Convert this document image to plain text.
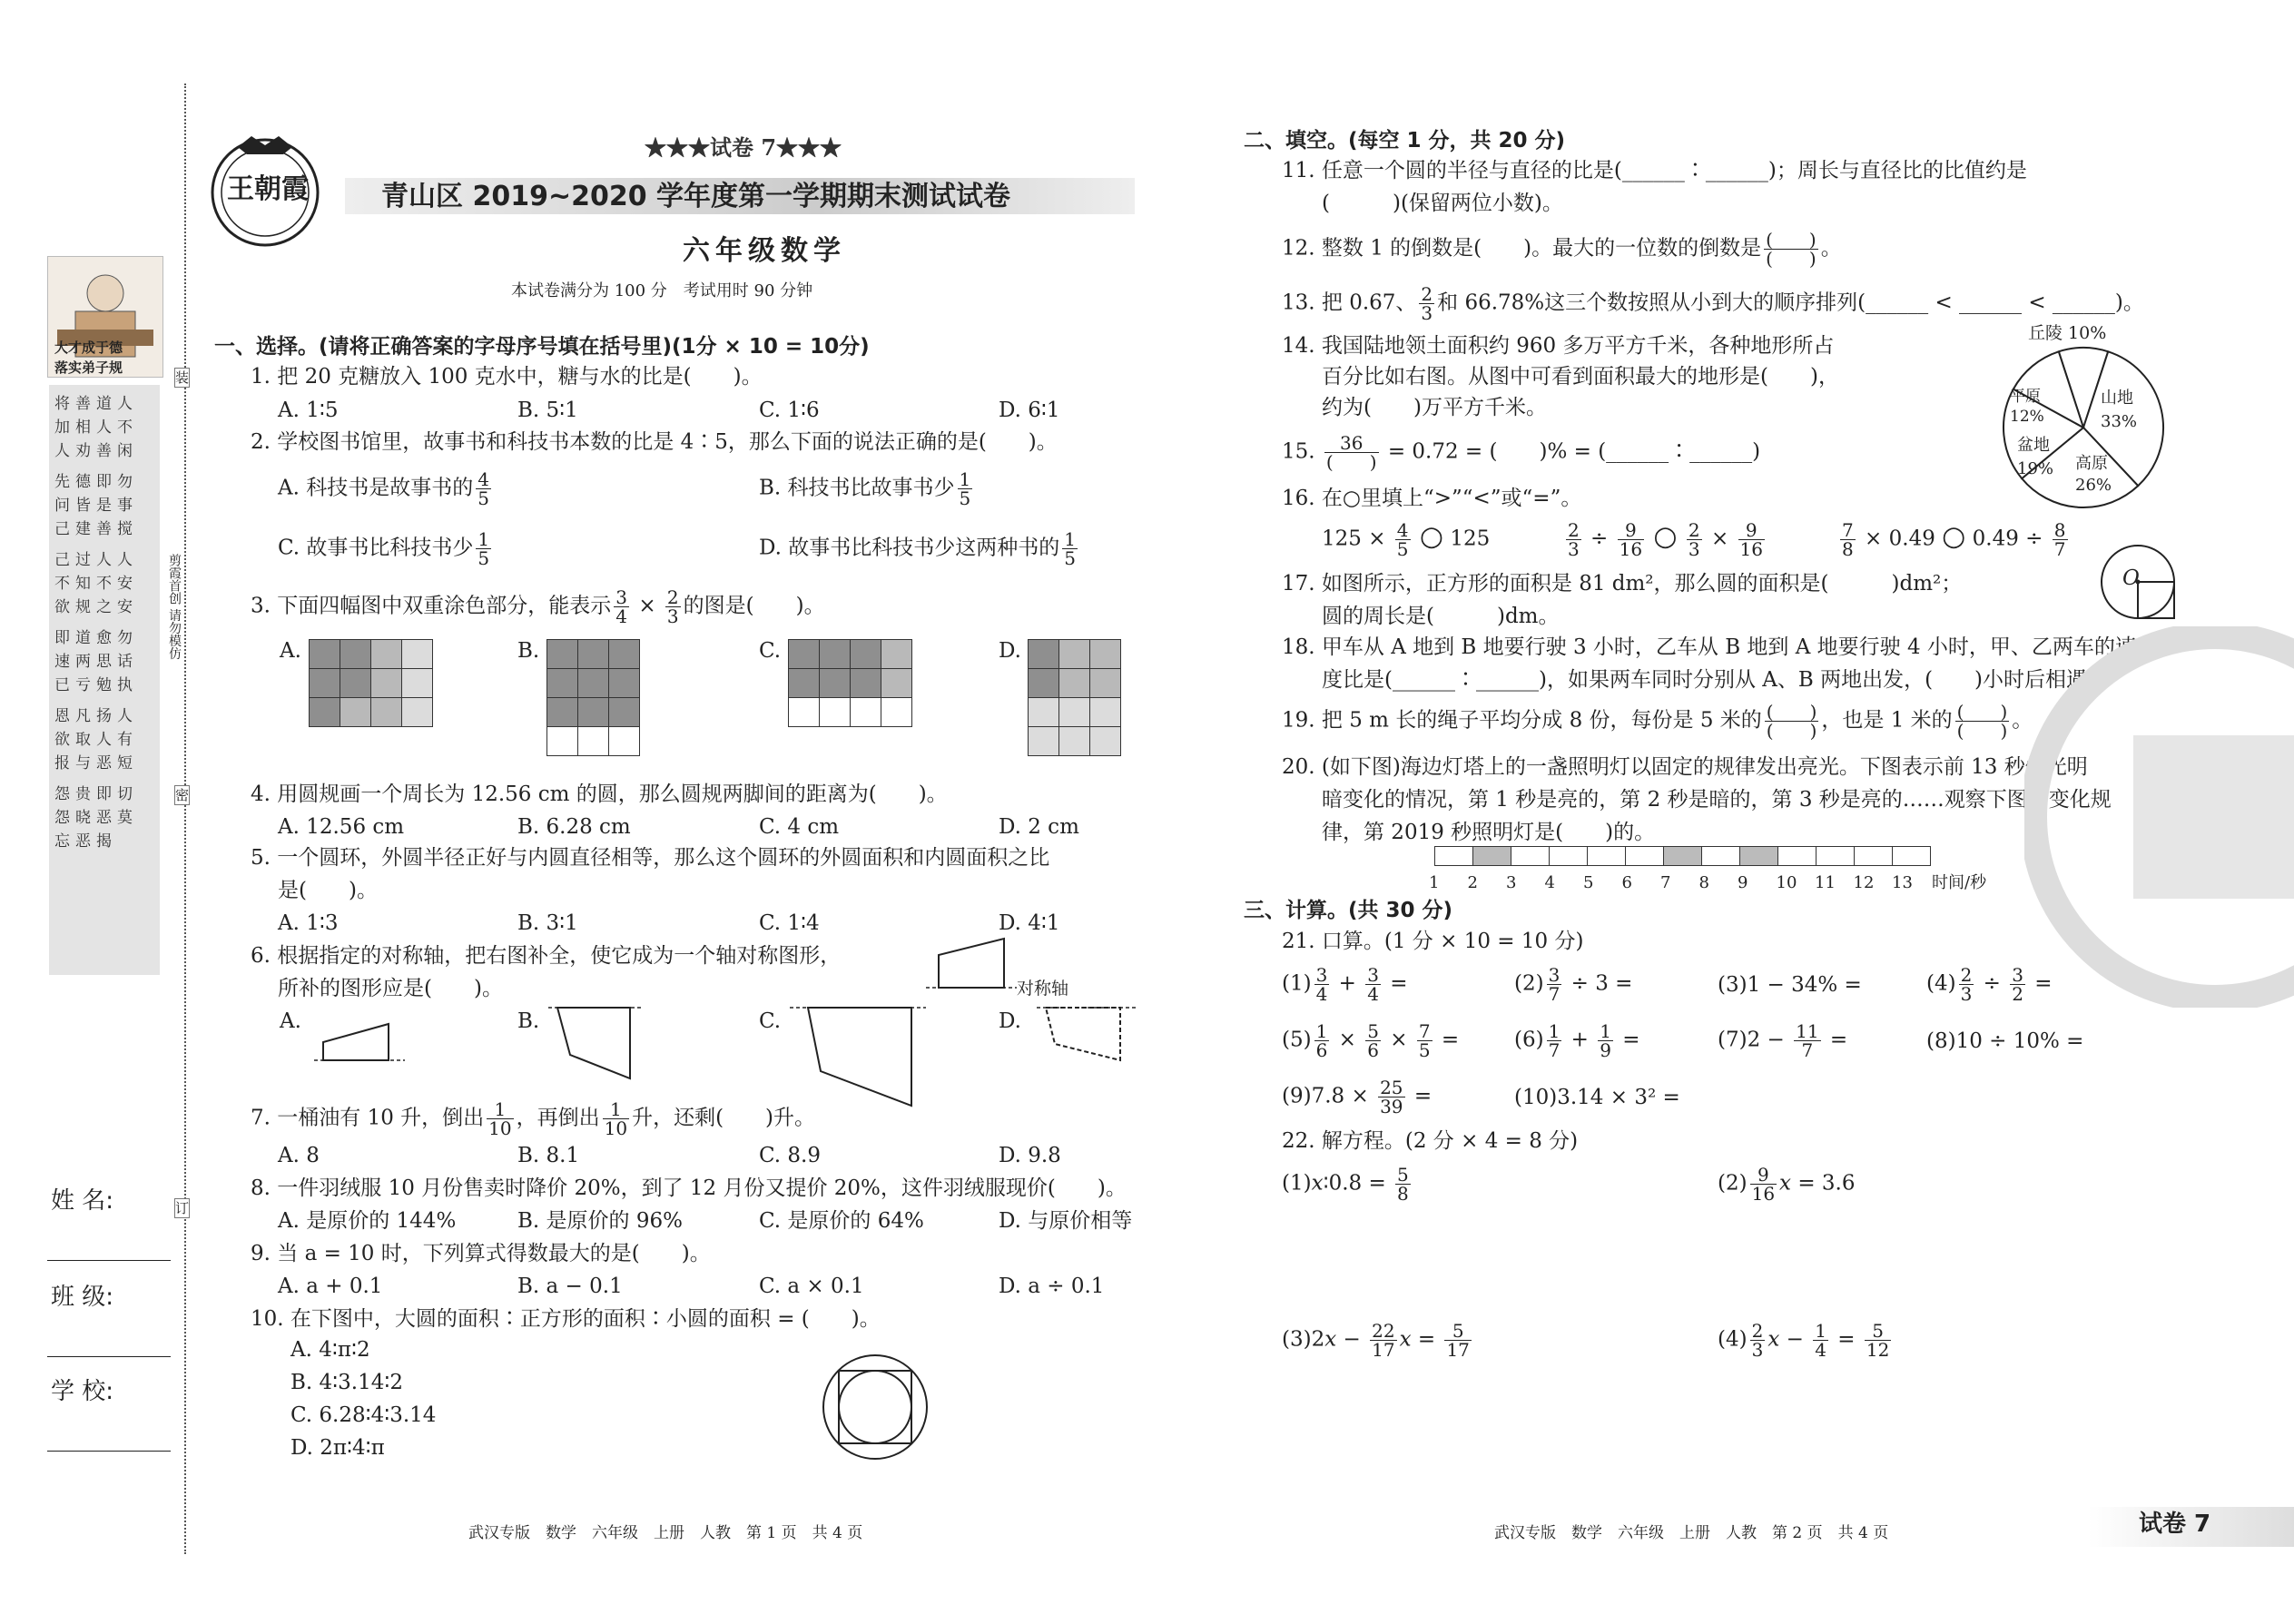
大才成于德
落实弟子规
将善道人
加相人不
人劝善闲
先德即勿
问皆是事
己建善搅
己过人人
不知不安
欲规之安
即道愈勿
速两思话
已亏勉执
恩凡扬人
欲取人有
报与恶短
怨贵即切
怨晓恶莫
忘恶揭
装
剪霞首创 请勿模仿
密
订
姓 名:
班 级:
学 校:
王朝霞
★★★试卷 7★★★
青山区 2019~2020 学年度第一学期期末测试试卷
六年级数学
本试卷满分为 100 分　考试用时 90 分钟
一、选择。(请将正确答案的字母序号填在括号里)(1分 × 10 = 10分)
1. 把 20 克糖放入 100 克水中，糖与水的比是(　　)。
A. 1∶5	B. 5∶1	C. 1∶6	D. 6∶1
2. 学校图书馆里，故事书和科技书本数的比是 4∶5，那么下面的说法正确的是(　　)。
A. 科技书是故事书的 $\frac{4}{5}$	B. 科技书比故事书少 $\frac{1}{5}$
C. 故事书比科技书少 $\frac{1}{5}$	D. 故事书比科技书少这两种书的 $\frac{1}{5}$
3. 下面四幅图中双重涂色部分，能表示 $\frac{3}{4} \times \frac{2}{3}$ 的图是(　　)。
A.	B.	C.	D.
4. 用圆规画一个周长为 12.56 cm 的圆，那么圆规两脚间的距离为(　　)。
A. 12.56 cm	B. 6.28 cm	C. 4 cm	D. 2 cm
5. 一个圆环，外圆半径正好与内圆直径相等，那么这个圆环的外圆面积和内圆面积之比
是(　　)。
A. 1∶3	B. 3∶1	C. 1∶4	D. 4∶1
6. 根据指定的对称轴，把右图补全，使它成为一个轴对称图形，
所补的图形应是(　　)。	对称轴
A.	B.	C.	D.
7. 一桶油有 10 升，倒出 $\frac{1}{10}$ ，再倒出 $\frac{1}{10}$ 升，还剩(　　)升。
A. 8	B. 8.1	C. 8.9	D. 9.8
8. 一件羽绒服 10 月份售卖时降价 20%，到了 12 月份又提价 20%，这件羽绒服现价(　　)。
A. 是原价的 144%	B. 是原价的 96%	C. 是原价的 64%	D. 与原价相等
9. 当 a = 10 时，下列算式得数最大的是(　　)。
A. a + 0.1	B. a − 0.1	C. a × 0.1	D. a ÷ 0.1
10. 在下图中，大圆的面积∶正方形的面积∶小圆的面积 = (　　)。
A. 4∶π∶2
B. 4∶3.14∶2
C. 6.28∶4∶3.14
D. 2π∶4∶π
武汉专版　数学　六年级　上册　人教　第 1 页　共 4 页
二、填空。(每空 1 分，共 20 分)
11. 任意一个圆的半径与直径的比是(______∶______)；周长与直径比的比值约是
(　　　)(保留两位小数)。
12. 整数 1 的倒数是(　　)。最大的一位数的倒数是 $\frac{( )}{( )}$ 。
13. 把 0.67、 $\frac{2}{3}$ 和 66.78%这三个数按照从小到大的顺序排列(______ < ______ < ______)。
14. 我国陆地领土面积约 960 多万平方千米，各种地形所占
百分比如右图。从图中可看到面积最大的地形是(　　)，
约为(　　)万平方千米。
丘陵 10%
山地
33%
高原
26%
盆地
19%
平原
12%
15. $\frac{36}{( )} = 0.72$ = (　　)% = (______∶______)
16. 在○里填上“>”“<”或“=”。
$125 \times \frac{4}{5}$ ○ 125	$\frac{2}{3} \div \frac{9}{16}$ ○ $\frac{2}{3} \times \frac{9}{16}$	$\frac{7}{8} \times 0.49$ ○ $0.49 \div \frac{8}{7}$
17. 如图所示，正方形的面积是 81 dm²，那么圆的面积是(　　　)dm²；
圆的周长是(　　　)dm。
O
18. 甲车从 A 地到 B 地要行驶 3 小时，乙车从 B 地到 A 地要行驶 4 小时，甲、乙两车的速
度比是(______∶______)，如果两车同时分别从 A、B 两地出发，(　　)小时后相遇。
19. 把 5 m 长的绳子平均分成 8 份，每份是 5 米的 $\frac{( )}{( )}$ ，也是 1 米的 $\frac{( )}{( )}$ 。
20. (如下图)海边灯塔上的一盏照明灯以固定的规律发出亮光。下图表示前 13 秒灯光明
暗变化的情况，第 1 秒是亮的，第 2 秒是暗的，第 3 秒是亮的……观察下图的变化规
律，第 2019 秒照明灯是(　　)的。
1 2 3 4 5 6 7 8 9 10 11 12 13 时间/秒
三、计算。(共 30 分)
21. 口算。(1 分 × 10 = 10 分)
$(1) \frac{3}{4} + \frac{3}{4}$ =	$(2) \frac{3}{7} \div 3$ =	(3)1 − 34% =	$(4) \frac{2}{3} \div \frac{3}{2}$ =
$(5) \frac{1}{6} \times \frac{5}{6} \times \frac{7}{5}$ =	$(6) \frac{1}{7} + \frac{1}{9}$ =	$(7)2 - \frac{11}{7}$ =	(8)10 ÷ 10% =
$(9)7.8 \times \frac{25}{39}$ =	(10)3.14 × 3² =
22. 解方程。(2 分 × 4 = 8 分)
(1)x∶0.8 = $\frac{5}{8}$	$(2) \frac{9}{16}$ x = 3.6
$(3)2x - \frac{22}{17}$ $x = \frac{5}{17}$	$(4) \frac{2}{3}$ $x - \frac{1}{4} = \frac{5}{12}$
武汉专版　数学　六年级　上册　人教　第 2 页　共 4 页	试卷 7
